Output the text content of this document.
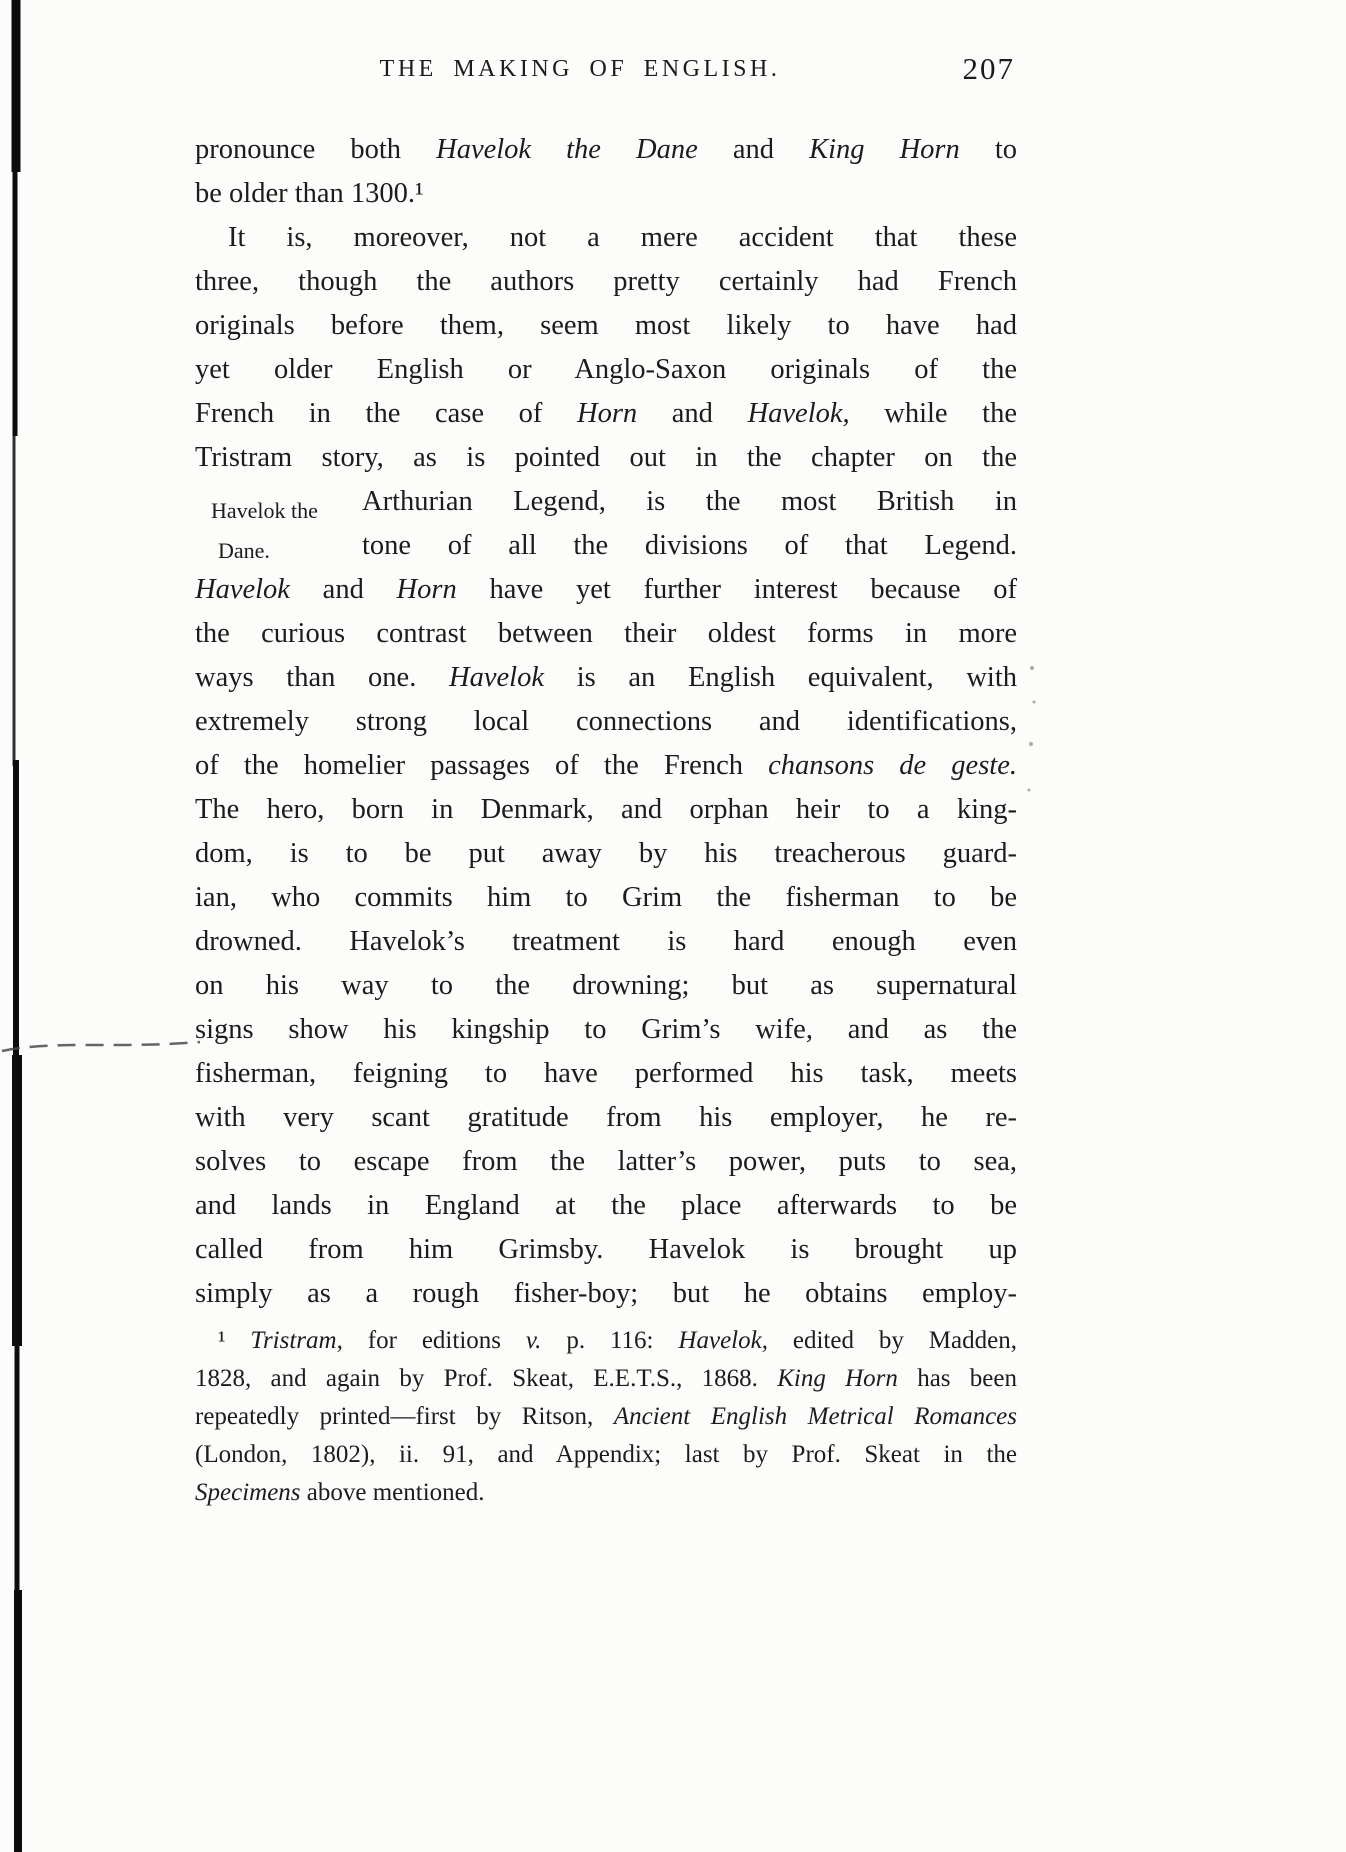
THE MAKING OF ENGLISH.	207
Havelok the
Dane.
pronounce both Havelok the Dane and King Horn to
be older than 1300.¹
It is, moreover, not a mere accident that these
three, though the authors pretty certainly had French
originals before them, seem most likely to have had
yet older English or Anglo-Saxon originals of the
French in the case of Horn and Havelok, while the
Tristram story, as is pointed out in the chapter on the
Arthurian Legend, is the most British in
tone of all the divisions of that Legend.
Havelok and Horn have yet further interest because of
the curious contrast between their oldest forms in more
ways than one. Havelok is an English equivalent, with
extremely strong local connections and identifications,
of the homelier passages of the French chansons de geste.
The hero, born in Denmark, and orphan heir to a king-
dom, is to be put away by his treacherous guard-
ian, who commits him to Grim the fisherman to be
drowned. Havelok’s treatment is hard enough even
on his way to the drowning; but as supernatural
signs show his kingship to Grim’s wife, and as the
fisherman, feigning to have performed his task, meets
with very scant gratitude from his employer, he re-
solves to escape from the latter’s power, puts to sea,
and lands in England at the place afterwards to be
called from him Grimsby. Havelok is brought up
simply as a rough fisher-boy; but he obtains employ-
¹ Tristram, for editions v. p. 116: Havelok, edited by Madden,
1828, and again by Prof. Skeat, E.E.T.S., 1868. King Horn has been
repeatedly printed—first by Ritson, Ancient English Metrical Romances
(London, 1802), ii. 91, and Appendix; last by Prof. Skeat in the
Specimens above mentioned.
